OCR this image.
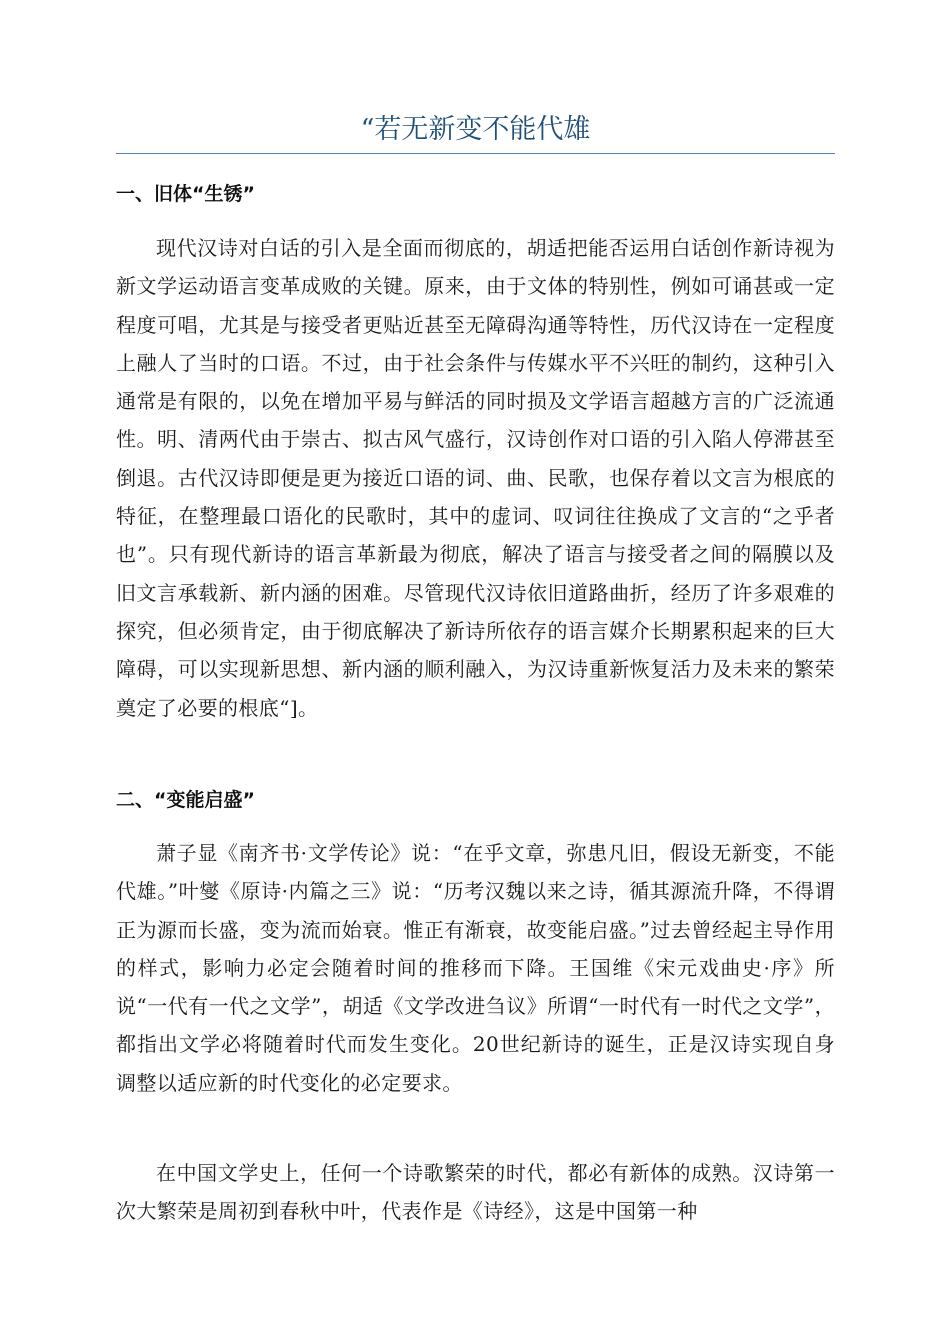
“若无新变不能代雄
一、旧体“生锈”

现代汉诗对白话的引入是全面而彻底的，胡适把能否运用白话创作新诗视为新文学运动语言变革成败的关键。原来，由于文体的特别性，例如可诵甚或一定程度可唱，尤其是与接受者更贴近甚至无障碍沟通等特性，历代汉诗在一定程度上融人了当时的口语。不过，由于社会条件与传媒水平不兴旺的制约，这种引入通常是有限的，以免在增加平易与鲜活的同时损及文学语言超越方言的广泛流通性。明、清两代由于崇古、拟古风气盛行，汉诗创作对口语的引入陷人停滞甚至倒退。古代汉诗即便是更为接近口语的词、曲、民歌，也保存着以文言为根底的特征，在整理最口语化的民歌时，其中的虚词、叹词往往换成了文言的“之乎者也”。只有现代新诗的语言革新最为彻底，解决了语言与接受者之间的隔膜以及旧文言承载新、新内涵的困难。尽管现代汉诗依旧道路曲折，经历了许多艰难的探究，但必须肯定，由于彻底解决了新诗所依存的语言媒介长期累积起来的巨大障碍，可以实现新思想、新内涵的顺利融入，为汉诗重新恢复活力及未来的繁荣奠定了必要的根底“]。

二、“变能启盛”

萧子显《南齐书·文学传论》说：“在乎文章，弥患凡旧，假设无新变，不能代雄。”叶燮《原诗·内篇之三》说：“历考汉魏以来之诗，循其源流升降，不得谓正为源而长盛，变为流而始衰。惟正有渐衰，故变能启盛。”过去曾经起主导作用的样式，影响力必定会随着时间的推移而下降。王国维《宋元戏曲史·序》所说“一代有一代之文学”，胡适《文学改进刍议》所谓“一时代有一时代之文学”，都指出文学必将随着时代而发生变化。20世纪新诗的诞生，正是汉诗实现自身调整以适应新的时代变化的必定要求。

在中国文学史上，任何一个诗歌繁荣的时代，都必有新体的成熟。汉诗第一次大繁荣是周初到春秋中叶，代表作是《诗经》，这是中国第一种
